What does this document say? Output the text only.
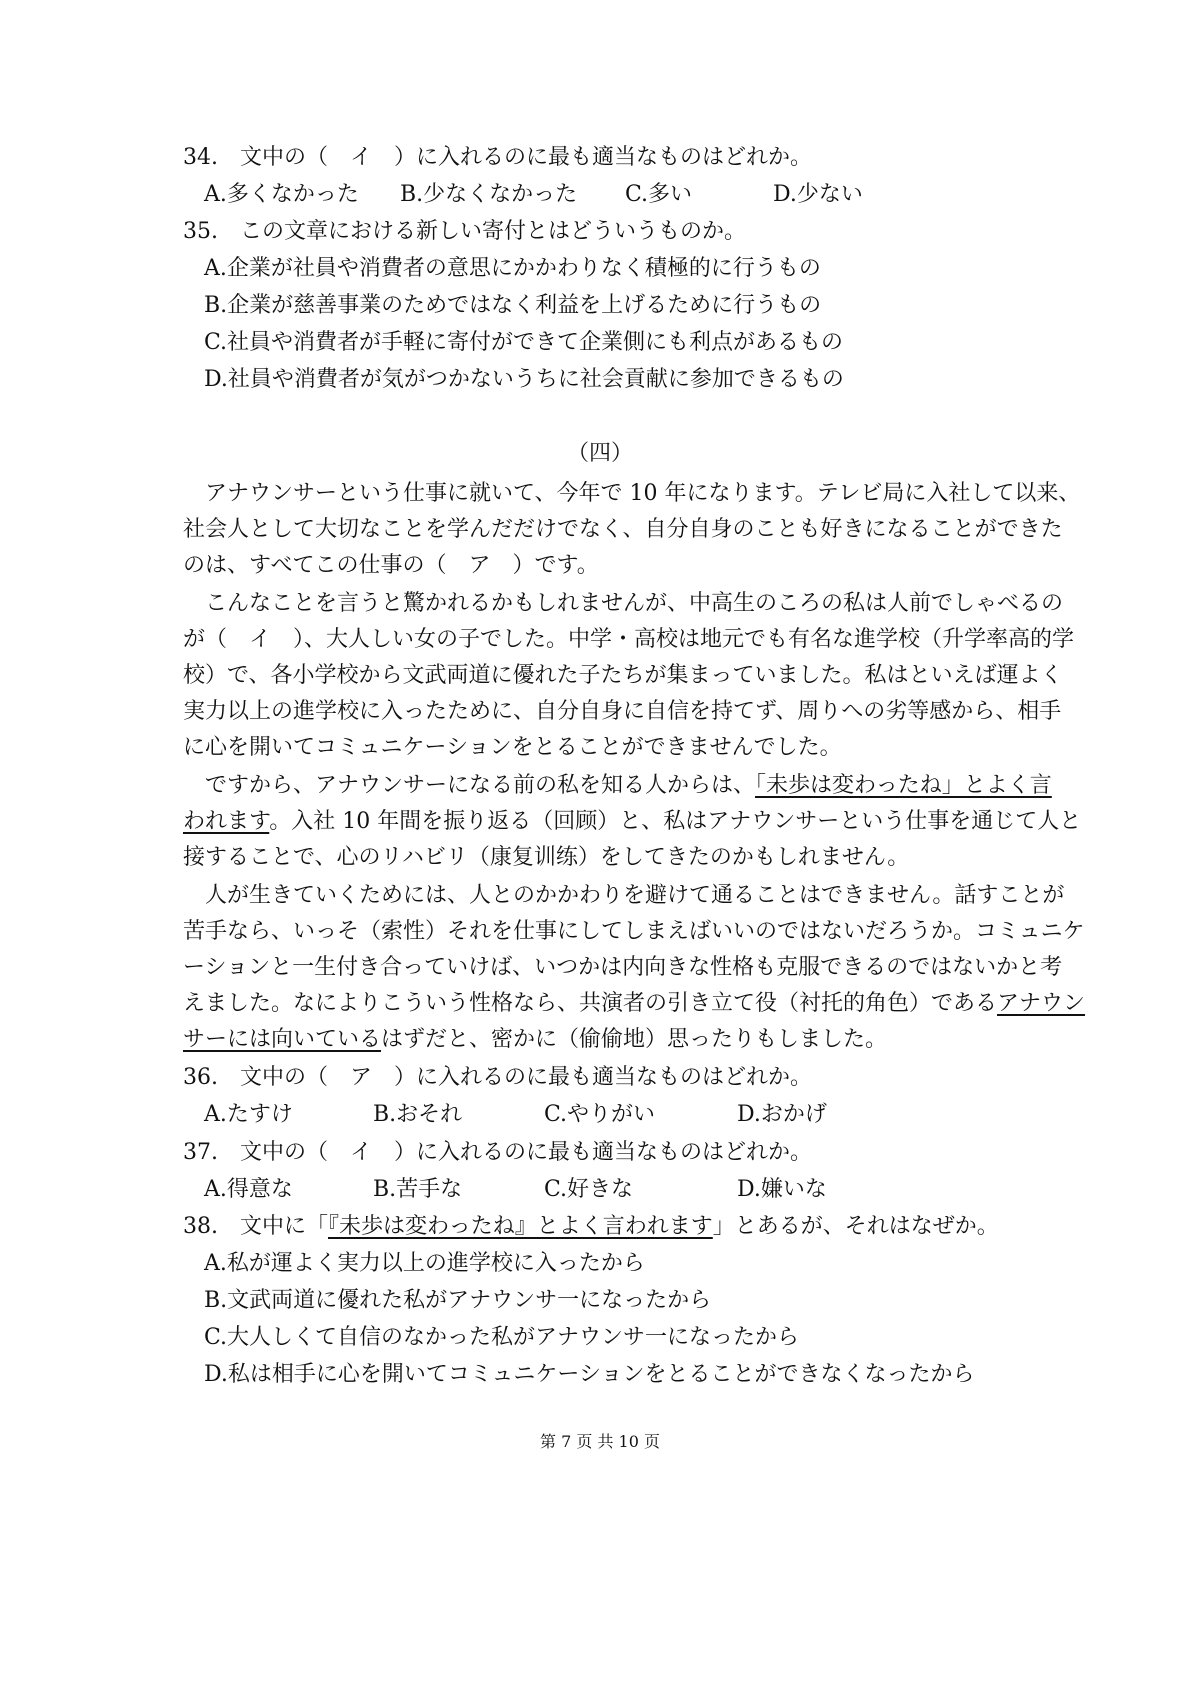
34.　文中の（　イ　）に入れるのに最も適当なものはどれか。
A.多くなかった B.少なくなかった C.多い	D.少ない
35.　この文章における新しい寄付とはどういうものか。
A.企業が社員や消費者の意思にかかわりなく積極的に行うもの
B.企業が慈善事業のためではなく利益を上げるために行うもの
C.社員や消費者が手軽に寄付ができて企業側にも利点があるもの
D.社員や消費者が気がつかないうちに社会貢献に参加できるもの
（四）
　アナウンサーという仕事に就いて、今年で 10 年になります。テレビ局に入社して以来、
社会人として大切なことを学んだだけでなく、自分自身のことも好きになることができた
のは、すべてこの仕事の（　ア　）です。
　こんなことを言うと驚かれるかもしれませんが、中高生のころの私は人前でしゃべるの
が（　イ　）、大人しい女の子でした。中学・高校は地元でも有名な進学校（升学率高的学
校）で、各小学校から文武両道に優れた子たちが集まっていました。私はといえば運よく
実力以上の進学校に入ったために、自分自身に自信を持てず、周りへの劣等感から、相手
に心を開いてコミュニケーションをとることができませんでした。
　ですから、アナウンサーになる前の私を知る人からは、「未歩は変わったね」とよく言
われます。入社 10 年間を振り返る（回顾）と、私はアナウンサーという仕事を通じて人と
接することで、心のリハビリ（康复训练）をしてきたのかもしれません。
　人が生きていくためには、人とのかかわりを避けて通ることはできません。話すことが
苦手なら、いっそ（索性）それを仕事にしてしまえばいいのではないだろうか。コミュニケ
ーションと一生付き合っていけば、いつかは内向きな性格も克服できるのではないかと考
えました。なによりこういう性格なら、共演者の引き立て役（衬托的角色）であるアナウン
サーには向いているはずだと、密かに（偷偷地）思ったりもしました。
36.　文中の（　ア　）に入れるのに最も適当なものはどれか。
A.たすけ	B.おそれ	C.やりがい	D.おかげ
37.　文中の（　イ　）に入れるのに最も適当なものはどれか。
A.得意な	B.苦手な	C.好きな	D.嫌いな
38.　文中に「『未歩は変わったね』とよく言われます」とあるが、それはなぜか。
A.私が運よく実力以上の進学校に入ったから
B.文武両道に優れた私がアナウンサ一になったから
C.大人しくて自信のなかった私がアナウンサ一になったから
D.私は相手に心を開いてコミュニケーションをとることができなくなったから
第 7 页 共 10 页
